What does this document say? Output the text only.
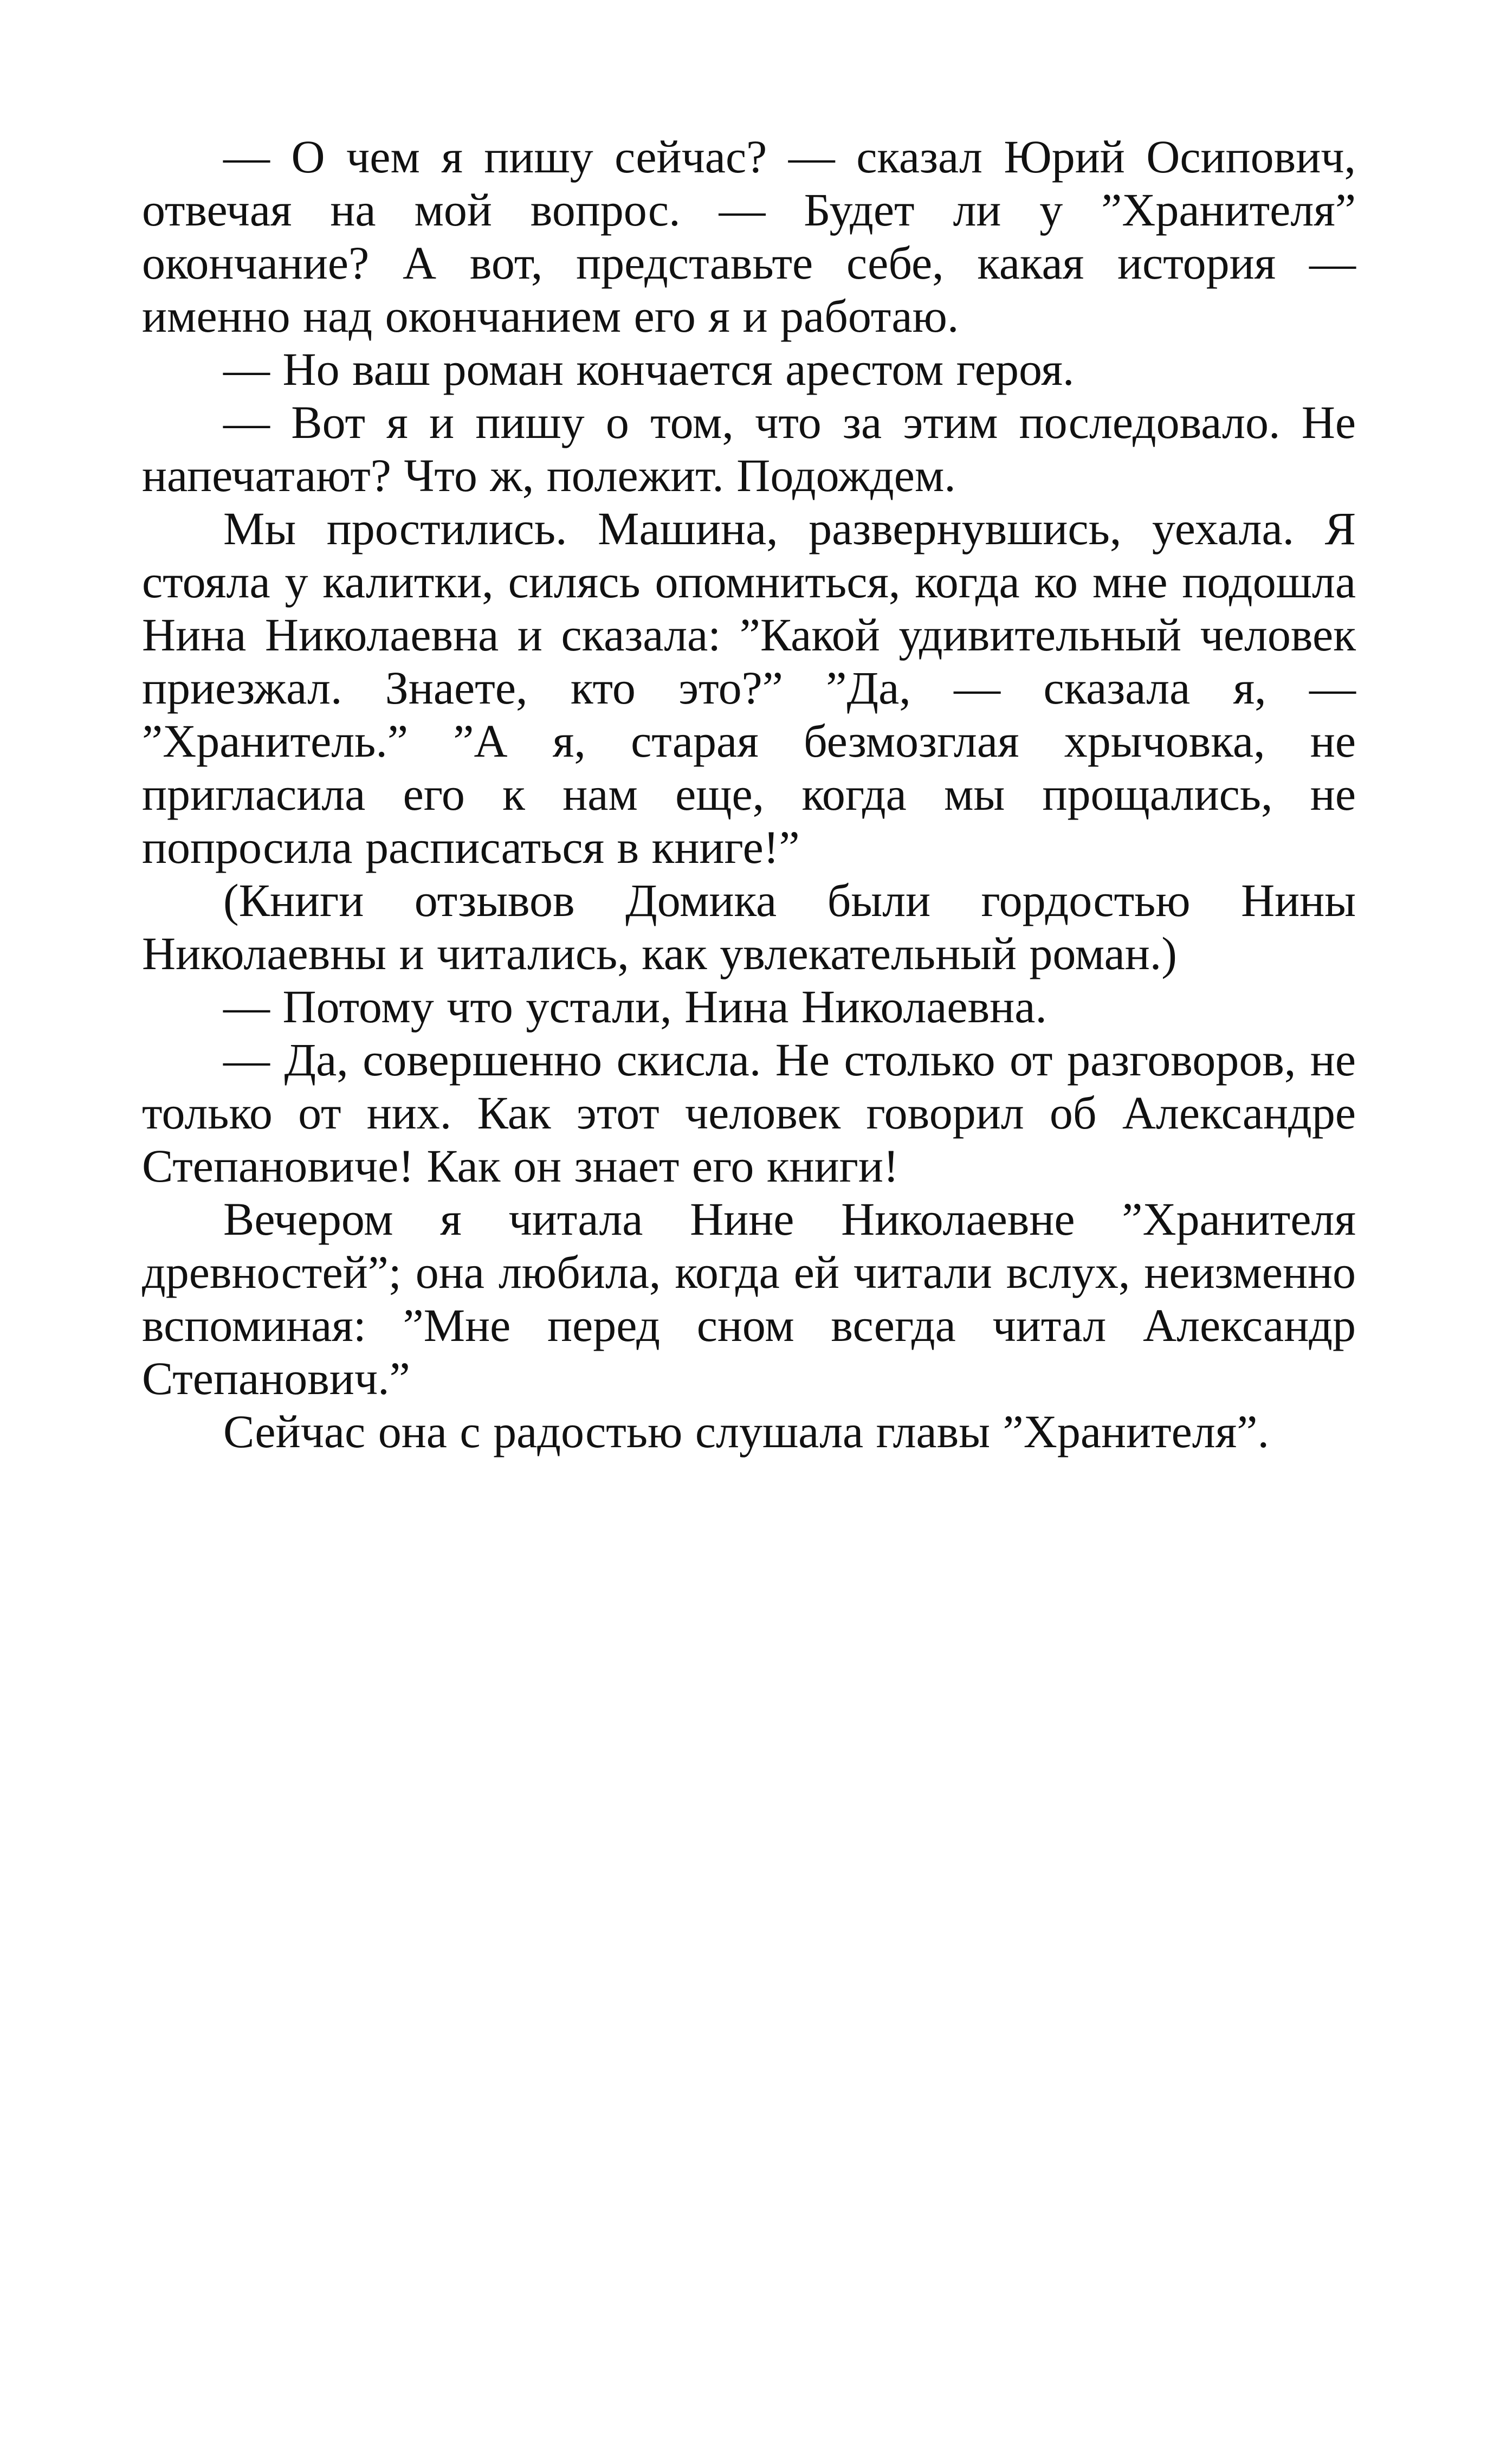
— О чем я пишу сейчас? — сказал Юрий Осипович, отвечая на мой вопрос. — Будет ли у ”Хранителя” окончание? А вот, представьте себе, какая история — именно над окончанием его я и работаю.

— Но ваш роман кончается арестом героя.

— Вот я и пишу о том, что за этим последовало. Не напечатают? Что ж, полежит. Подождем.

Мы простились. Машина, развернувшись, уехала. Я стояла у калитки, силясь опомниться, когда ко мне подошла Нина Николаевна и сказала: ”Какой удивительный человек приезжал. Знаете, кто это?” ”Да, — сказала я, — ”Хранитель.” ”А я, старая безмозглая хрычовка, не пригласила его к нам еще, когда мы прощались, не попросила расписаться в книге!”

(Книги отзывов Домика были гордостью Нины Николаевны и читались, как увлекательный роман.)

— Потому что устали, Нина Николаевна.

— Да, совершенно скисла. Не столько от разговоров, не только от них. Как этот человек говорил об Александре Степановиче! Как он знает его книги!

Вечером я читала Нине Николаевне ”Хранителя древностей”; она любила, когда ей читали вслух, неизменно вспоминая: ”Мне перед сном всегда читал Александр Степанович.”

Сейчас она с радостью слушала главы ”Хранителя”.
